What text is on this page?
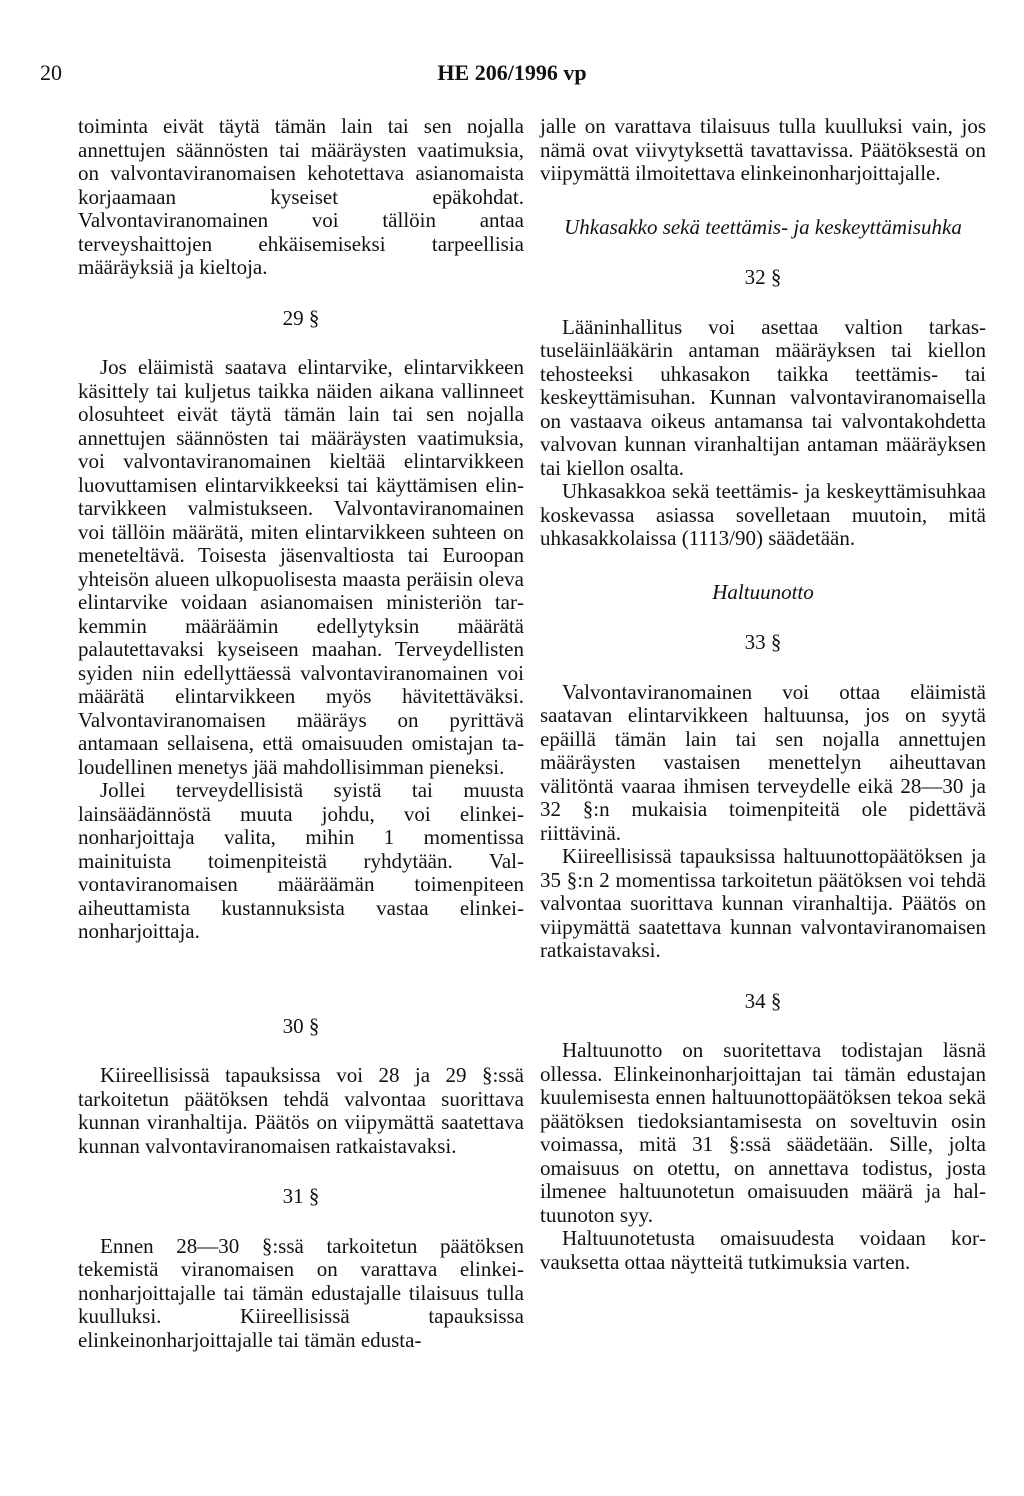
20	HE 206/1996 vp

toiminta eivät täytä tämän lain tai sen nojalla annettujen säännösten tai määräysten vaatimuksia, on valvontaviranomaisen kehotettava asianomaista korjaamaan kyseiset epäkohdat. Valvontaviranomainen voi tällöin antaa terveyshaittojen ehkäisemiseksi tarpeellisia määräyksiä ja kieltoja.

29 §

Jos eläimistä saatava elintarvike, elintarvikkeen käsittely tai kuljetus taikka näiden aikana vallinneet olosuhteet eivät täytä tämän lain tai sen nojalla annettujen säännösten tai määräysten vaatimuksia, voi valvontaviranomainen kieltää elintarvikkeen luovuttamisen elintarvikkeeksi tai käyttämisen elintarvikkeen valmistukseen. Valvontaviranomainen voi tällöin määrätä, miten elintarvikkeen suhteen on meneteltävä. Toisesta jäsenvaltiosta tai Euroopan yhteisön alueen ulkopuolisesta maasta peräisin oleva elintarvike voidaan asianomaisen ministeriön tarkemmin määräämin edellytyksin määrätä palautettavaksi kyseiseen maahan. Terveydellisten syiden niin edellyttäessä valvontaviranomainen voi määrätä elintarvikkeen myös hävitettäväksi. Valvontaviranomaisen määräys on pyrittävä antamaan sellaisena, että omaisuuden omistajan taloudellinen menetys jää mahdollisimman pieneksi.

Jollei terveydellisistä syistä tai muusta lainsäädännöstä muuta johdu, voi elinkeinonharjoittaja valita, mihin 1 momentissa mainituista toimenpiteistä ryhdytään. Valvontaviranomaisen määräämän toimenpiteen aiheuttamista kustannuksista vastaa elinkeinonharjoittaja.

30 §

Kiireellisissä tapauksissa voi 28 ja 29 §:ssä tarkoitetun päätöksen tehdä valvontaa suorittava kunnan viranhaltija. Päätös on viipymättä saatettava kunnan valvontaviranomaisen ratkaistavaksi.

31 §

Ennen 28—30 §:ssä tarkoitetun päätöksen tekemistä viranomaisen on varattava elinkeinonharjoittajalle tai tämän edustajalle tilaisuus tulla kuulluksi. Kiireellisissä tapauksissa elinkeinonharjoittajalle tai tämän edusta-

jalle on varattava tilaisuus tulla kuulluksi vain, jos nämä ovat viivytyksettä tavattavissa. Päätöksestä on viipymättä ilmoitettava elinkeinonharjoittajalle.

Uhkasakko sekä teettämis- ja keskeyttämisuhka
32 §

Lääninhallitus voi asettaa valtion tarkastuseläinlääkärin antaman määräyksen tai kiellon tehosteeksi uhkasakon taikka teettämis- tai keskeyttämisuhan. Kunnan valvontaviranomaisella on vastaava oikeus antamansa tai valvontakohdetta valvovan kunnan viranhaltijan antaman määräyksen tai kiellon osalta.

Uhkasakkoa sekä teettämis- ja keskeyttämisuhkaa koskevassa asiassa sovelletaan muutoin, mitä uhkasakkolaissa (1113/90) säädetään.

Haltuunotto
33 §

Valvontaviranomainen voi ottaa eläimistä saatavan elintarvikkeen haltuunsa, jos on syytä epäillä tämän lain tai sen nojalla annettujen määräysten vastaisen menettelyn aiheuttavan välitöntä vaaraa ihmisen terveydelle eikä 28—30 ja 32 §:n mukaisia toimenpiteitä ole pidettävä riittävinä.

Kiireellisissä tapauksissa haltuunottopäätöksen ja 35 §:n 2 momentissa tarkoitetun päätöksen voi tehdä valvontaa suorittava kunnan viranhaltija. Päätös on viipymättä saatettava kunnan valvontaviranomaisen ratkaistavaksi.

34 §

Haltuunotto on suoritettava todistajan läsnä ollessa. Elinkeinonharjoittajan tai tämän edustajan kuulemisesta ennen haltuunottopäätöksen tekoa sekä päätöksen tiedoksiantamisesta on soveltuvin osin voimassa, mitä 31 §:ssä säädetään. Sille, jolta omaisuus on otettu, on annettava todistus, josta ilmenee haltuunotetun omaisuuden määrä ja haltuunoton syy.

Haltuunotetusta omaisuudesta voidaan korvauksetta ottaa näytteitä tutkimuksia varten.
